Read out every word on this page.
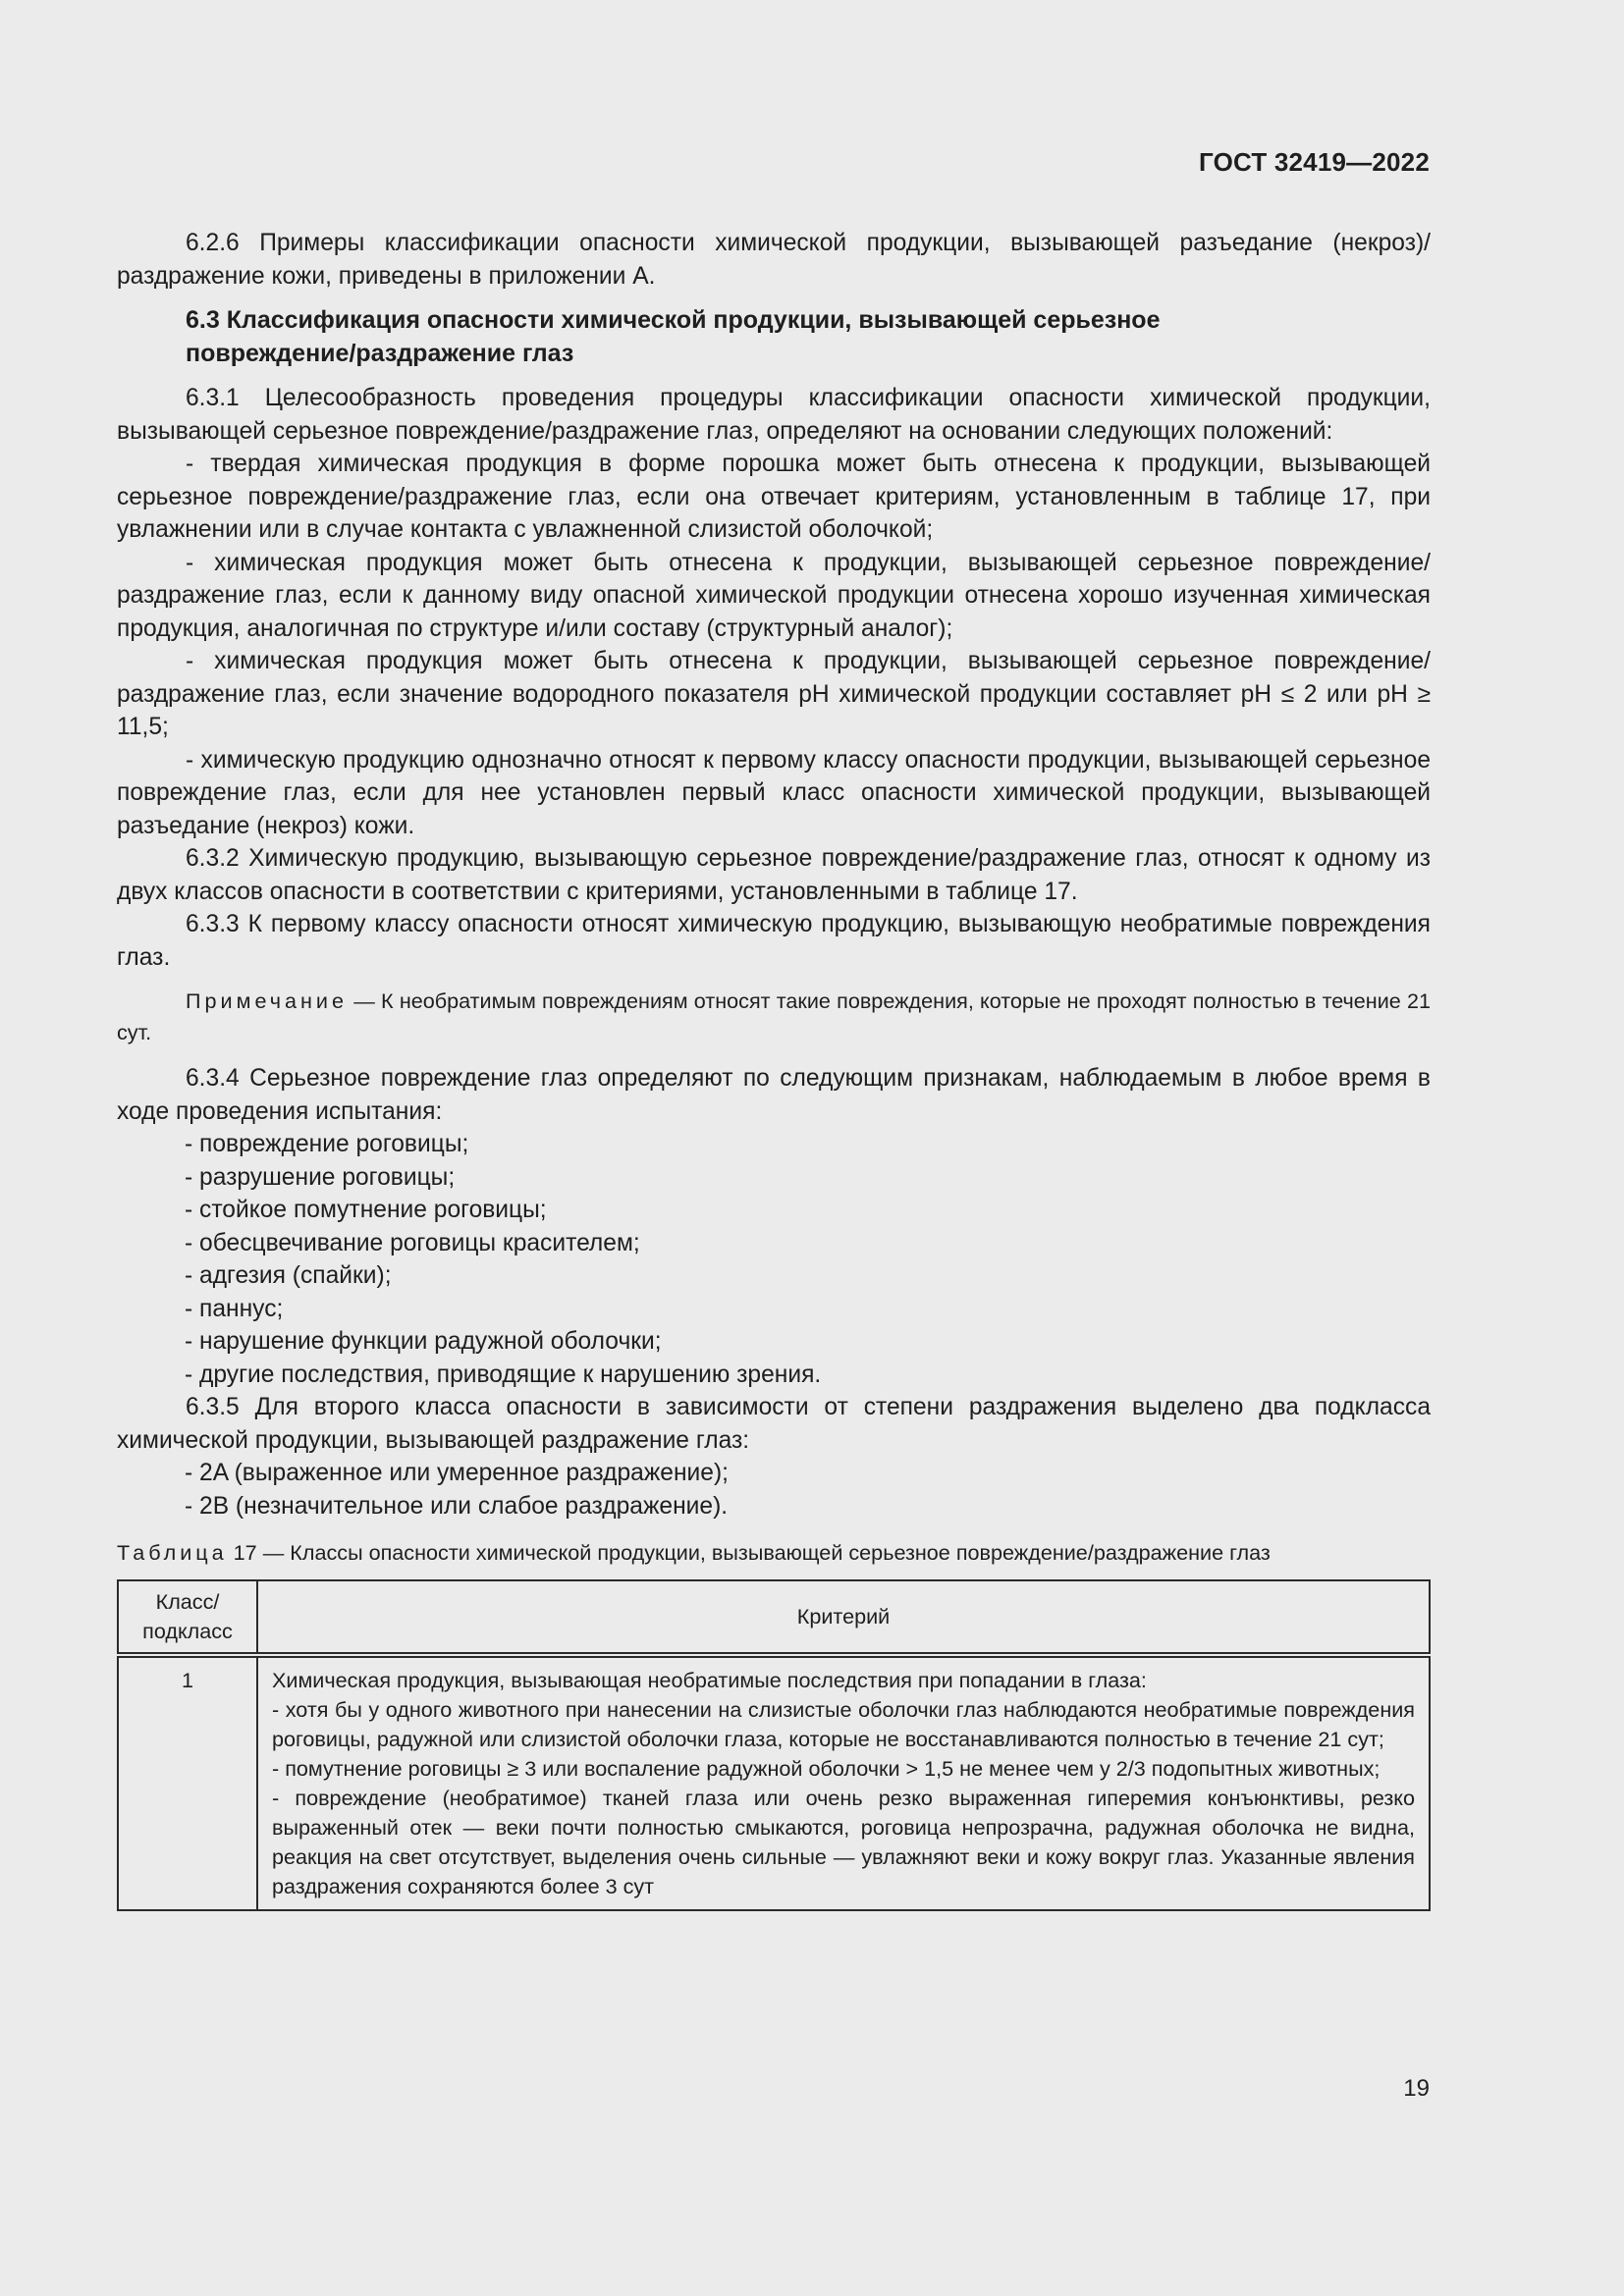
ГОСТ 32419—2022

6.2.6 Примеры классификации опасности химической продукции, вызывающей разъедание (некроз)/раздражение кожи, приведены в приложении А.

6.3 Классификация опасности химической продукции, вызывающей серьезное
повреждение/раздражение глаз

6.3.1 Целесообразность проведения процедуры классификации опасности химической продукции, вызывающей серьезное повреждение/раздражение глаз, определяют на основании следующих положений:

- твердая химическая продукция в форме порошка может быть отнесена к продукции, вызывающей серьезное повреждение/раздражение глаз, если она отвечает критериям, установленным в таблице 17, при увлажнении или в случае контакта с увлажненной слизистой оболочкой;

- химическая продукция может быть отнесена к продукции, вызывающей серьезное повреждение/ раздражение глаз, если к данному виду опасной химической продукции отнесена хорошо изученная химическая продукция, аналогичная по структуре и/или составу (структурный аналог);

- химическая продукция может быть отнесена к продукции, вызывающей серьезное повреждение/ раздражение глаз, если значение водородного показателя pH химической продукции составляет pH ≤ 2 или pH ≥ 11,5;

- химическую продукцию однозначно относят к первому классу опасности продукции, вызывающей серьезное повреждение глаз, если для нее установлен первый класс опасности химической продукции, вызывающей разъедание (некроз) кожи.

6.3.2 Химическую продукцию, вызывающую серьезное повреждение/раздражение глаз, относят к одному из двух классов опасности в соответствии с критериями, установленными в таблице 17.

6.3.3 К первому классу опасности относят химическую продукцию, вызывающую необратимые повреждения глаз.

Примечание — К необратимым повреждениям относят такие повреждения, которые не проходят полностью в течение 21 сут.

6.3.4 Серьезное повреждение глаз определяют по следующим признакам, наблюдаемым в любое время в ходе проведения испытания:

- повреждение роговицы;

- разрушение роговицы;

- стойкое помутнение роговицы;

- обесцвечивание роговицы красителем;

- адгезия (спайки);

- паннус;

- нарушение функции радужной оболочки;

- другие последствия, приводящие к нарушению зрения.

6.3.5 Для второго класса опасности в зависимости от степени раздражения выделено два подкласса химической продукции, вызывающей раздражение глаз:

- 2A (выраженное или умеренное раздражение);

- 2B (незначительное или слабое раздражение).

Таблица 17 — Классы опасности химической продукции, вызывающей серьезное повреждение/раздражение глаз

Класс/ подкласс	Критерий
1	Химическая продукция, вызывающая необратимые последствия при попадании в глаза:

- хотя бы у одного животного при нанесении на слизистые оболочки глаз наблюдаются необратимые повреждения роговицы, радужной или слизистой оболочки глаза, которые не восстанавливаются полностью в течение 21 сут;

- помутнение роговицы ≥ 3 или воспаление радужной оболочки > 1,5 не менее чем у 2/3 подопытных животных;

- повреждение (необратимое) тканей глаза или очень резко выраженная гиперемия конъюнктивы, резко выраженный отек — веки почти полностью смыкаются, роговица непрозрачна, радужная оболочка не видна, реакция на свет отсутствует, выделения очень сильные — увлажняют веки и кожу вокруг глаз. Указанные явления раздражения сохраняются более 3 сут

19
